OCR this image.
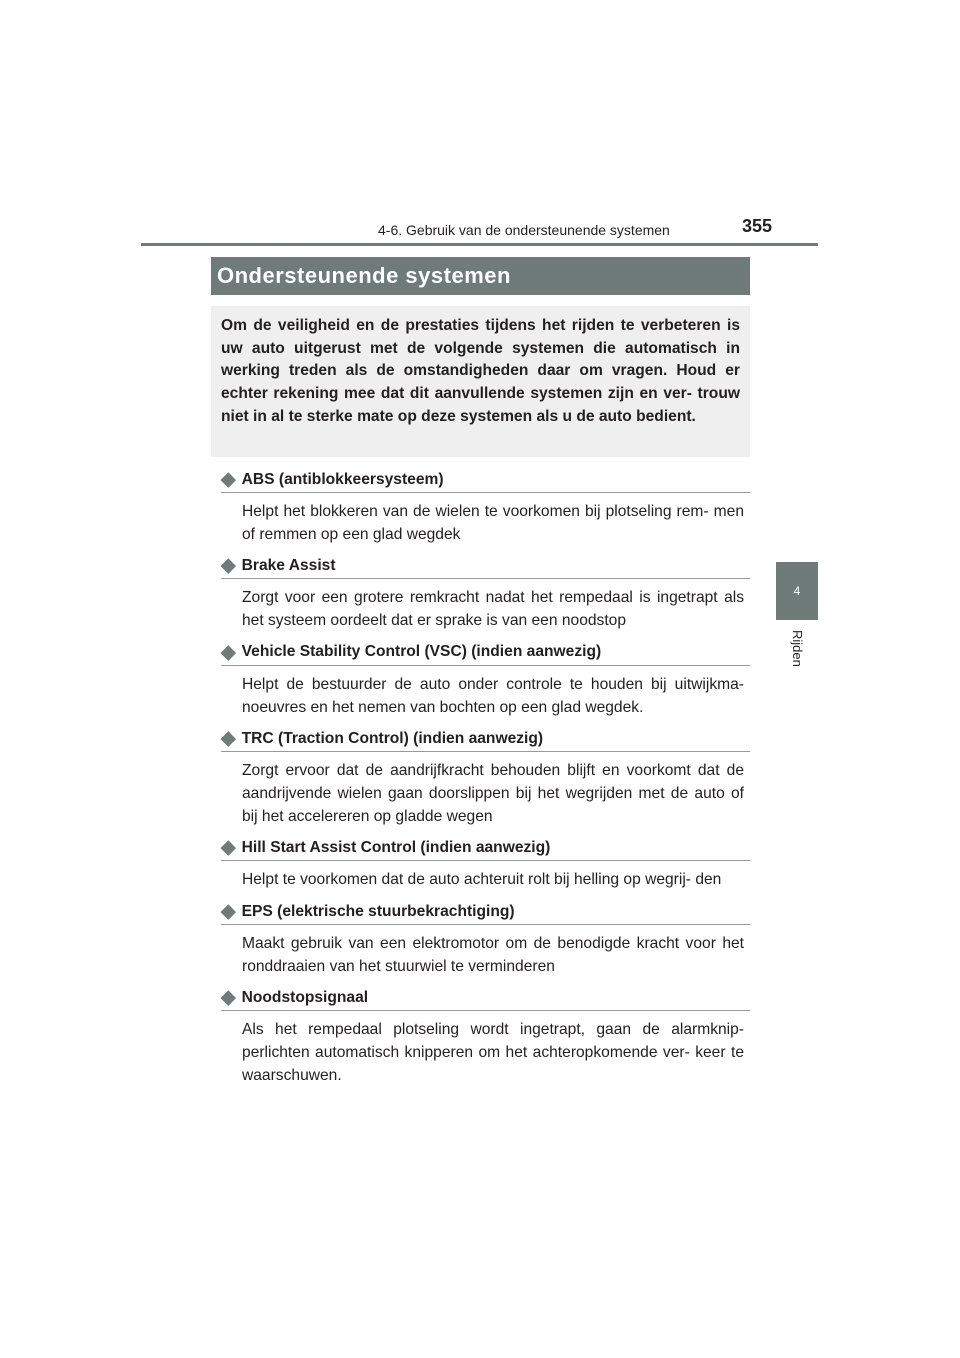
4-6. Gebruik van de ondersteunende systemen	355
4
Rijden
Ondersteunende systemen
Om de veiligheid en de prestaties tijdens het rijden te verbeteren is uw auto uitgerust met de volgende systemen die automatisch in werking treden als de omstandigheden daar om vragen. Houd er echter rekening mee dat dit aanvullende systemen zijn en ver- trouw niet in al te sterke mate op deze systemen als u de auto bedient.
◆ ABS (antiblokkeersysteem)
Helpt het blokkeren van de wielen te voorkomen bij plotseling rem- men of remmen op een glad wegdek
◆ Brake Assist
Zorgt voor een grotere remkracht nadat het rempedaal is ingetrapt als het systeem oordeelt dat er sprake is van een noodstop
◆ Vehicle Stability Control (VSC) (indien aanwezig)
Helpt de bestuurder de auto onder controle te houden bij uitwijkma- noeuvres en het nemen van bochten op een glad wegdek.
◆ TRC (Traction Control) (indien aanwezig)
Zorgt ervoor dat de aandrijfkracht behouden blijft en voorkomt dat de aandrijvende wielen gaan doorslippen bij het wegrijden met de auto of bij het accelereren op gladde wegen
◆ Hill Start Assist Control (indien aanwezig)
Helpt te voorkomen dat de auto achteruit rolt bij helling op wegrij- den
◆ EPS (elektrische stuurbekrachtiging)
Maakt gebruik van een elektromotor om de benodigde kracht voor het ronddraaien van het stuurwiel te verminderen
◆ Noodstopsignaal
Als het rempedaal plotseling wordt ingetrapt, gaan de alarmknip- perlichten automatisch knipperen om het achteropkomende ver- keer te waarschuwen.
